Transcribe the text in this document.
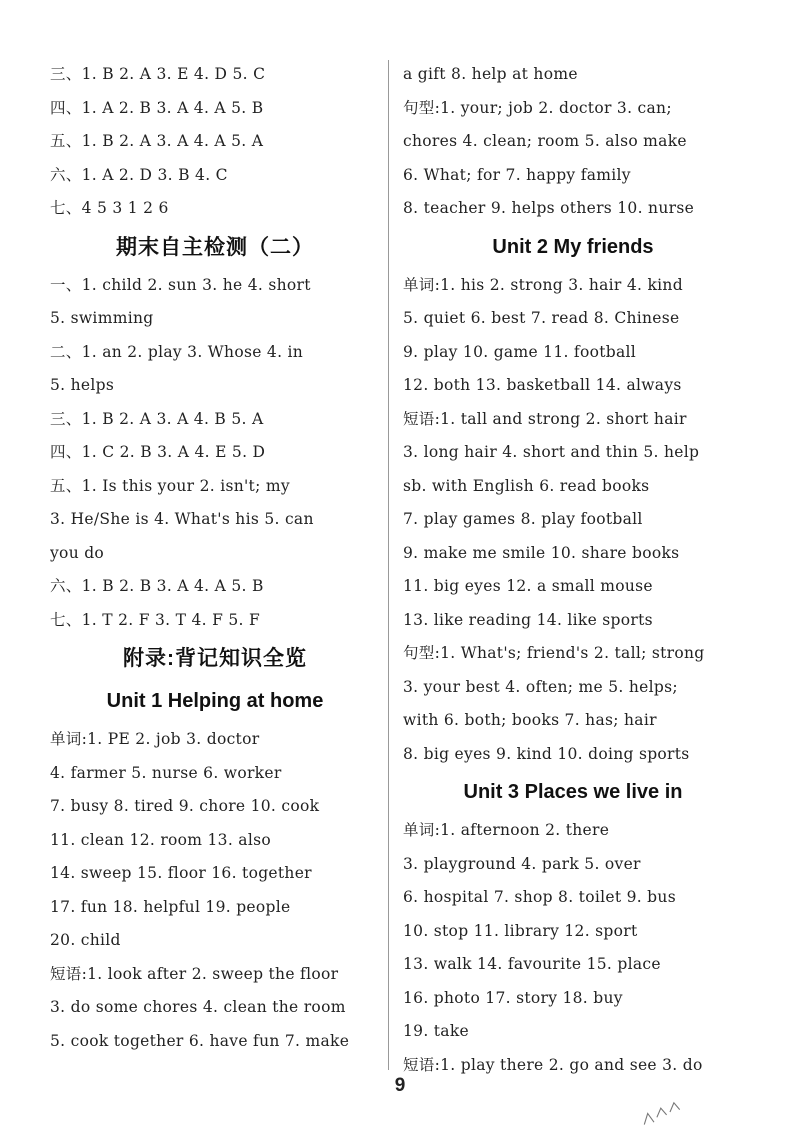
三、1. B 2. A 3. E 4. D 5. C
四、1. A 2. B 3. A 4. A 5. B
五、1. B 2. A 3. A 4. A 5. A
六、1. A 2. D 3. B 4. C
七、4 5 3 1 2 6
期末自主检测（二）
一、1. child 2. sun 3. he 4. short
5. swimming
二、1. an 2. play 3. Whose 4. in
5. helps
三、1. B 2. A 3. A 4. B 5. A
四、1. C 2. B 3. A 4. E 5. D
五、1. Is this your 2. isn't; my
3. He/She is 4. What's his 5. can
you do
六、1. B 2. B 3. A 4. A 5. B
七、1. T 2. F 3. T 4. F 5. F
附录:背记知识全览
Unit 1 Helping at home
单词:1. PE 2. job 3. doctor
4. farmer 5. nurse 6. worker
7. busy 8. tired 9. chore 10. cook
11. clean 12. room 13. also
14. sweep 15. floor 16. together
17. fun 18. helpful 19. people
20. child
短语:1. look after 2. sweep the floor
3. do some chores 4. clean the room
5. cook together 6. have fun 7. make
a gift 8. help at home
句型:1. your; job 2. doctor 3. can;
chores 4. clean; room 5. also make
6. What; for 7. happy family
8. teacher 9. helps others 10. nurse
Unit 2 My friends
单词:1. his 2. strong 3. hair 4. kind
5. quiet 6. best 7. read 8. Chinese
9. play 10. game 11. football
12. both 13. basketball 14. always
短语:1. tall and strong 2. short hair
3. long hair 4. short and thin 5. help
sb. with English 6. read books
7. play games 8. play football
9. make me smile 10. share books
11. big eyes 12. a small mouse
13. like reading 14. like sports
句型:1. What's; friend's 2. tall; strong
3. your best 4. often; me 5. helps;
with 6. both; books 7. has; hair
8. big eyes 9. kind 10. doing sports
Unit 3 Places we live in
单词:1. afternoon 2. there
3. playground 4. park 5. over
6. hospital 7. shop 8. toilet 9. bus
10. stop 11. library 12. sport
13. walk 14. favourite 15. place
16. photo 17. story 18. buy
19. take
短语:1. play there 2. go and see 3. do
9
